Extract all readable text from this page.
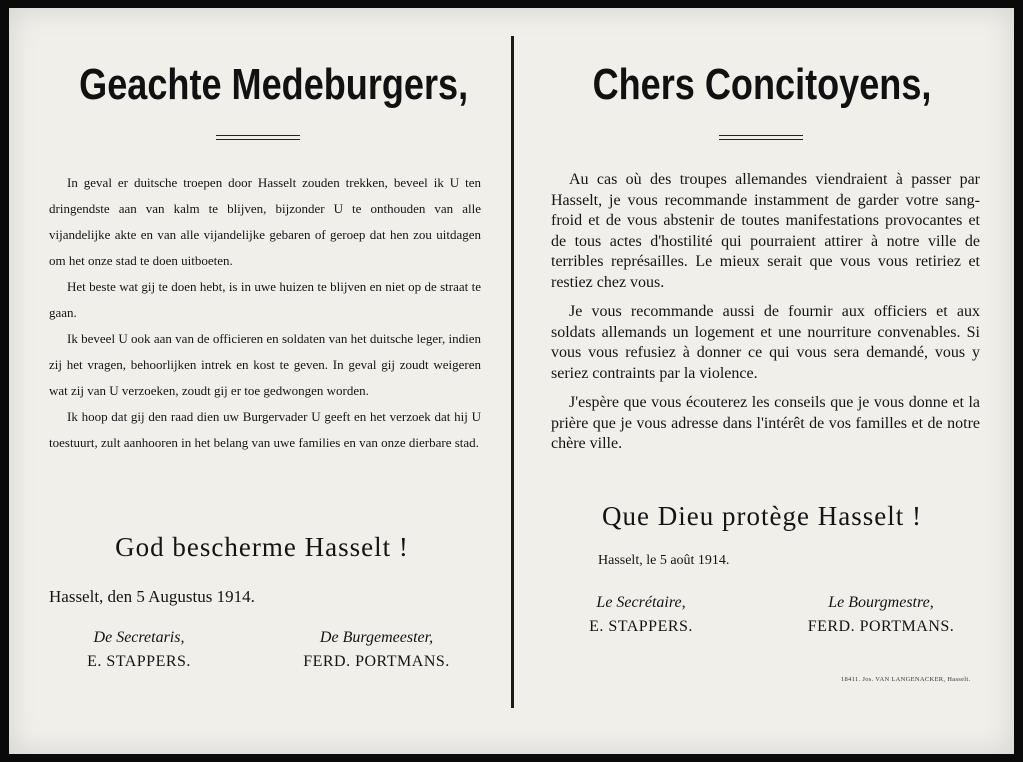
Geachte Medeburgers,

In geval er duitsche troepen door Hasselt zouden trekken, beveel ik U ten dringendste aan van kalm te blijven, bijzonder U te onthouden van alle vijandelijke akte en van alle vijandelijke gebaren of geroep dat hen zou uitdagen om het onze stad te doen uitboeten.

Het beste wat gij te doen hebt, is in uwe huizen te blijven en niet op de straat te gaan.

Ik beveel U ook aan van de officieren en soldaten van het duitsche leger, indien zij het vragen, behoorlijken intrek en kost te geven. In geval gij zoudt weigeren wat zij van U verzoeken, zoudt gij er toe gedwongen worden.

Ik hoop dat gij den raad dien uw Burgervader U geeft en het verzoek dat hij U toestuurt, zult aanhooren in het belang van uwe families en van onze dierbare stad.

God bescherme Hasselt !
Hasselt, den 5 Augustus 1914.
De Secretaris,
E. STAPPERS.
De Burgemeester,
FERD. PORTMANS.
Chers Concitoyens,

Au cas où des troupes allemandes viendraient à passer par Hasselt, je vous recommande instamment de garder votre sang-froid et de vous abstenir de toutes manifestations provocantes et de tous actes d'hostilité qui pourraient attirer à notre ville de terribles représailles. Le mieux serait que vous vous retiriez et restiez chez vous.

Je vous recommande aussi de fournir aux officiers et aux soldats allemands un logement et une nourriture convenables. Si vous vous refusiez à donner ce qui vous sera demandé, vous y seriez contraints par la violence.

J'espère que vous écouterez les conseils que je vous donne et la prière que je vous adresse dans l'intérêt de vos familles et de notre chère ville.

Que Dieu protège Hasselt !
Hasselt, le 5 août 1914.
Le Secrétaire,
E. STAPPERS.
Le Bourgmestre,
FERD. PORTMANS.
18411. Jos. VAN LANGENACKER, Hasselt.
